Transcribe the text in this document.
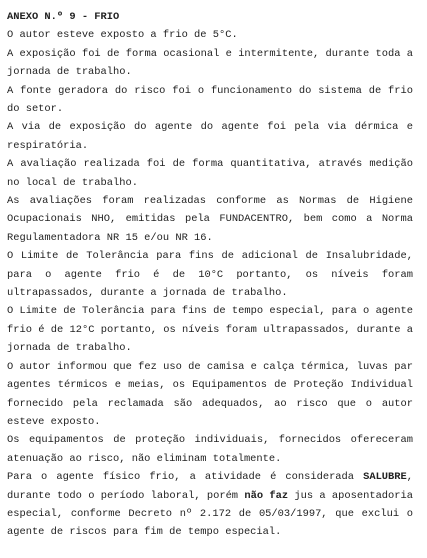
ANEXO N.º 9 - FRIO
O autor esteve exposto a frio de 5°C.
A exposição foi de forma ocasional e intermitente, durante toda a jornada de trabalho.
A fonte geradora do risco foi o funcionamento do sistema de frio do setor.
A via de exposição do agente do agente foi pela via dérmica e respiratória.
A avaliação realizada foi de forma quantitativa, através medição no local de trabalho.
As avaliações foram realizadas conforme as Normas de Higiene Ocupacionais NHO, emitidas pela FUNDACENTRO, bem como a Norma Regulamentadora NR 15 e/ou NR 16.
O Limite de Tolerância para fins de adicional de Insalubridade, para o agente frio é de 10°C portanto, os níveis foram ultrapassados, durante a jornada de trabalho.
O Limite de Tolerância para fins de tempo especial, para o agente frio é de 12°C portanto, os níveis foram ultrapassados, durante a jornada de trabalho.
O autor informou que fez uso de camisa e calça térmica, luvas par agentes térmicos e meias, os Equipamentos de Proteção Individual fornecido pela reclamada são adequados, ao risco que o autor esteve exposto.
Os equipamentos de proteção individuais, fornecidos ofereceram atenuação ao risco, não eliminam totalmente.
Para o agente físico frio, a atividade é considerada SALUBRE, durante todo o período laboral, porém não faz jus a aposentadoria especial, conforme Decreto nº 2.172 de 05/03/1997, que exclui o agente de riscos para fim de tempo especial.
